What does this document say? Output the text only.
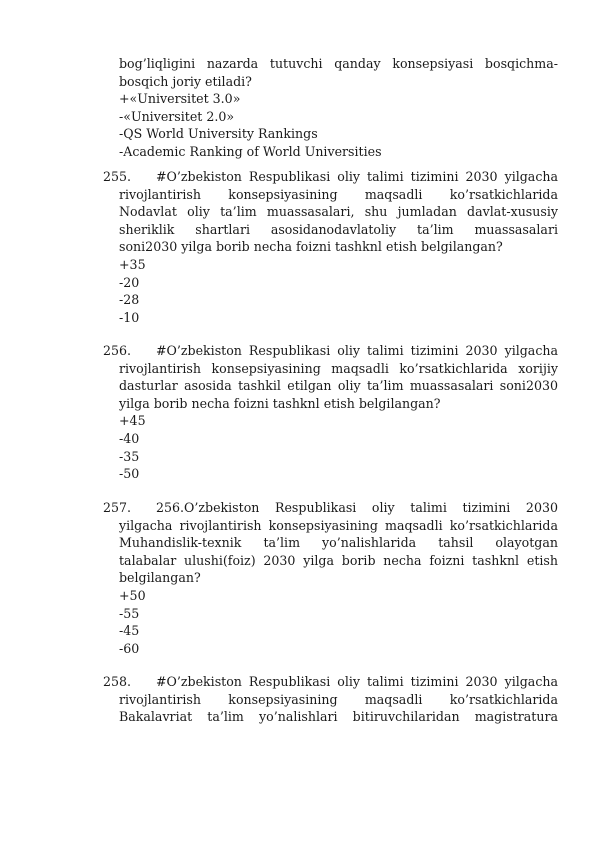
bog’liqligini nazarda tutuvchi qanday konsepsiyasi bosqichma-
bosqich joriy etiladi?
+«Universitet 3.0»
-«Universitet 2.0»
-QS World University Rankings
-Academic Ranking of World Universities
255. #O’zbekiston Respublikasi oliy talimi tizimini 2030 yilgacha
rivojlantirish konsepsiyasining maqsadli ko’rsatkichlarida
Nodavlat oliy ta’lim muassasalari, shu jumladan davlat-xususiy
sheriklik shartlari asosidanodavlatoliy ta’lim muassasalari
soni2030 yilga borib necha foizni tashknl etish belgilangan?
+35
-20
-28
-10
256. #O’zbekiston Respublikasi oliy talimi tizimini 2030 yilgacha
rivojlantirish konsepsiyasining maqsadli ko’rsatkichlarida xorijiy
dasturlar asosida tashkil etilgan oliy ta’lim muassasalari soni2030
yilga borib necha foizni tashknl etish belgilangan?
+45
-40
-35
-50
257. 256.O’zbekiston Respublikasi oliy talimi tizimini 2030
yilgacha rivojlantirish konsepsiyasining maqsadli ko’rsatkichlarida
Muhandislik-texnik ta’lim yo’nalishlarida tahsil olayotgan
talabalar ulushi(foiz) 2030 yilga borib necha foizni tashknl etish
belgilangan?
+50
-55
-45
-60
258. #O’zbekiston Respublikasi oliy talimi tizimini 2030 yilgacha
rivojlantirish konsepsiyasining maqsadli ko’rsatkichlarida
Bakalavriat ta’lim yo’nalishlari bitiruvchilaridan magistratura
